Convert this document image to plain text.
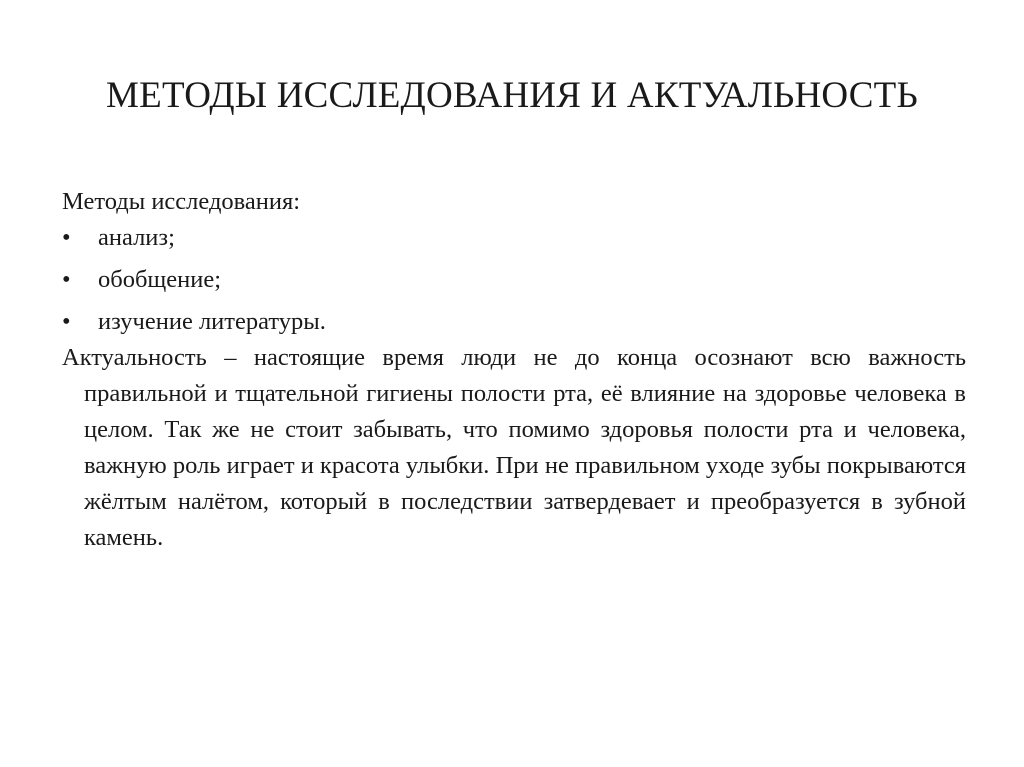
МЕТОДЫ ИССЛЕДОВАНИЯ И АКТУАЛЬНОСТЬ

Методы исследования:

• анализ;
• обобщение;
• изучение литературы.

Актуальность – настоящие время люди не до конца осознают всю важность правильной и тщательной гигиены полости рта, её влияние на здоровье человека в целом. Так же не стоит забывать, что помимо здоровья полости рта и человека, важную роль играет и красота улыбки. При не правильном уходе зубы покрываются жёлтым налётом, который в последствии затвердевает и преобразуется в зубной камень.
